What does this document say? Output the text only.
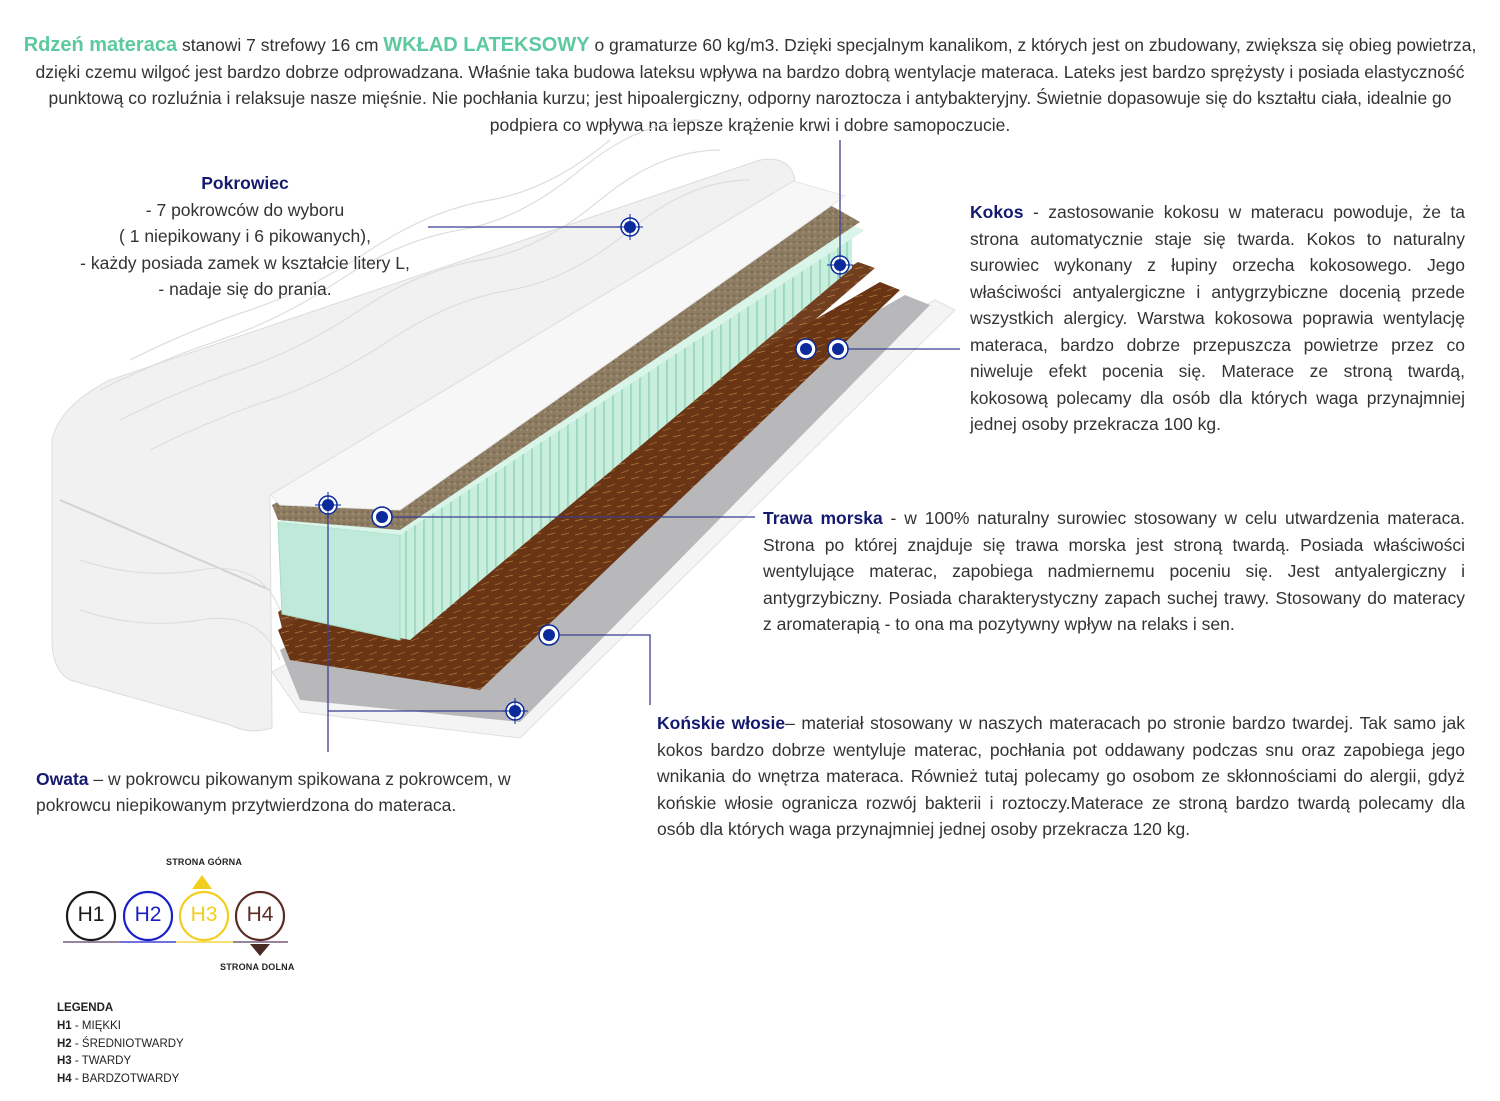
Rdzeń materaca stanowi 7 strefowy 16 cm WKŁAD LATEKSOWY o gramaturze 60 kg/m3. Dzięki specjalnym kanalikom, z których jest on zbudowany, zwiększa się obieg powietrza, dzięki czemu wilgoć jest bardzo dobrze odprowadzana. Właśnie taka budowa lateksu wpływa na bardzo dobrą wentylacje materaca. Lateks jest bardzo sprężysty i posiada elastyczność punktową co rozluźnia i relaksuje nasze mięśnie. Nie pochłania kurzu; jest hipoalergiczny, odporny naroztocza i antybakteryjny. Świetnie dopasowuje się do kształtu ciała, idealnie go podpiera co wpływa na lepsze krążenie krwi i dobre samopoczucie.
Pokrowiec
- 7 pokrowców do wyboru
( 1 niepikowany i 6 pikowanych),
- każdy posiada zamek w kształcie litery L,
- nadaje się do prania.
Kokos - zastosowanie kokosu w materacu powoduje, że ta strona automatycznie staje się twarda. Kokos to naturalny surowiec wykonany z łupiny orzecha kokosowego. Jego właściwości antyalergiczne i antygrzybiczne docenią przede wszystkich alergicy. Warstwa kokosowa poprawia wentylację materaca, bardzo dobrze przepuszcza powietrze przez co niweluje efekt pocenia się. Materace ze stroną twardą, kokosową polecamy dla osób dla których waga przynajmniej jednej osoby przekracza 100 kg.
Trawa morska - w 100% naturalny surowiec stosowany w celu utwardzenia materaca. Strona po której znajduje się trawa morska jest stroną twardą. Posiada właściwości wentylujące materac, zapobiega nadmiernemu poceniu się. Jest antyalergiczny i antygrzybiczny. Posiada charakterystyczny zapach suchej trawy. Stosowany do materacy z aromaterapią - to ona ma pozytywny wpływ na relaks i sen.
Końskie włosie– materiał stosowany w naszych materacach po stronie bardzo twardej. Tak samo jak kokos bardzo dobrze wentyluje materac, pochłania pot oddawany podczas snu oraz zapobiega jego wnikania do wnętrza materaca. Również tutaj polecamy go osobom ze skłonnościami do alergii, gdyż końskie włosie ogranicza rozwój bakterii i roztoczy.Materace ze stroną bardzo twardą polecamy dla osób dla których waga przynajmniej jednej osoby przekracza 120 kg.
Owata – w pokrowcu pikowanym spikowana z pokrowcem, w pokrowcu niepikowanym przytwierdzona do materaca.
STRONA GÓRNA
H1	H2	H3	H4
STRONA DOLNA
LEGENDA
H1 - MIĘKKI
H2 - ŚREDNIOTWARDY
H3 - TWARDY
H4 - BARDZOTWARDY
